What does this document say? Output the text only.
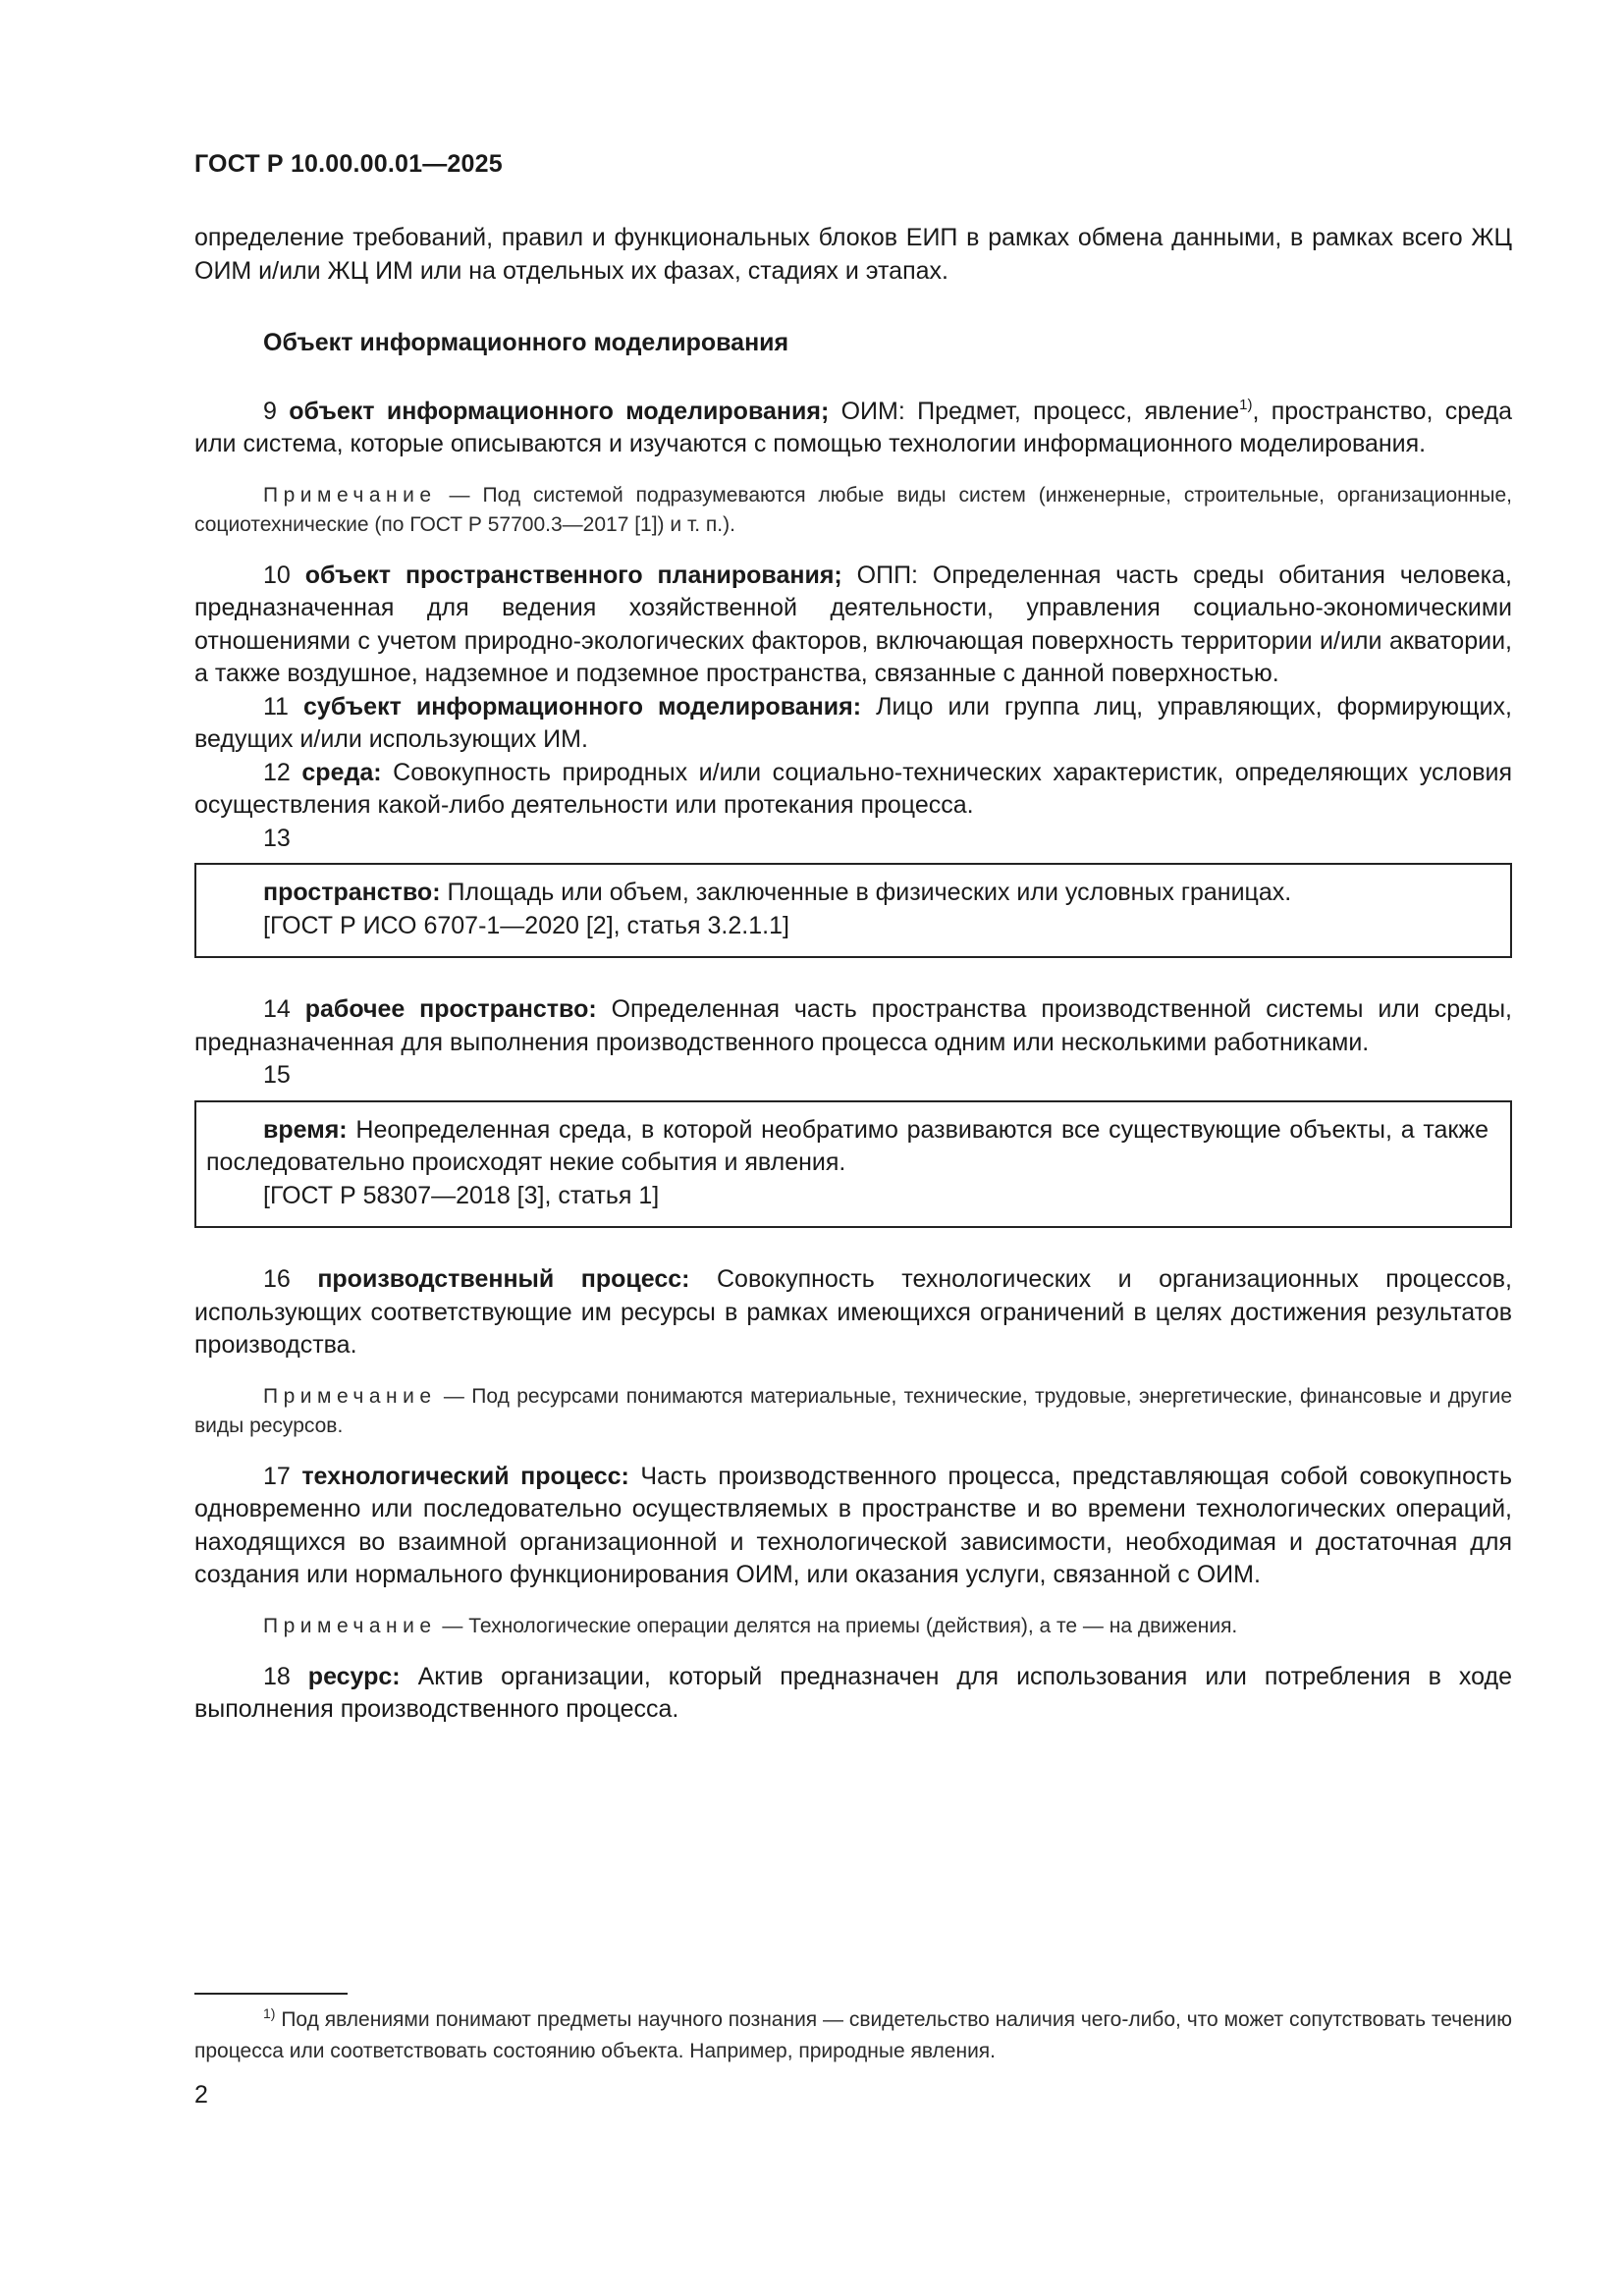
ГОСТ Р 10.00.00.01—2025

определение требований, правил и функциональных блоков ЕИП в рамках обмена данными, в рамках всего ЖЦ ОИМ и/или ЖЦ ИМ или на отдельных их фазах, стадиях и этапах.

Объект информационного моделирования

9 объект информационного моделирования; ОИМ: Предмет, процесс, явление$^{1)}$, пространство, среда или система, которые описываются и изучаются с помощью технологии информационного моделирования.

Примечание — Под системой подразумеваются любые виды систем (инженерные, строительные, организационные, социотехнические (по ГОСТ Р 57700.3—2017 [1]) и т. п.).

10 объект пространственного планирования; ОПП: Определенная часть среды обитания человека, предназначенная для ведения хозяйственной деятельности, управления социально-экономическими отношениями с учетом природно-экологических факторов, включающая поверхность территории и/или акватории, а также воздушное, надземное и подземное пространства, связанные с данной поверхностью.

11 субъект информационного моделирования: Лицо или группа лиц, управляющих, формирующих, ведущих и/или использующих ИМ.

12 среда: Совокупность природных и/или социально-технических характеристик, определяющих условия осуществления какой-либо деятельности или протекания процесса.

13

пространство: Площадь или объем, заключенные в физических или условных границах.
[ГОСТ Р ИСО 6707-1—2020 [2], статья 3.2.1.1]

14 рабочее пространство: Определенная часть пространства производственной системы или среды, предназначенная для выполнения производственного процесса одним или несколькими работниками.

15

время: Неопределенная среда, в которой необратимо развиваются все существующие объекты, а также последовательно происходят некие события и явления.
[ГОСТ Р 58307—2018 [3], статья 1]

16 производственный процесс: Совокупность технологических и организационных процессов, использующих соответствующие им ресурсы в рамках имеющихся ограничений в целях достижения результатов производства.

Примечание — Под ресурсами понимаются материальные, технические, трудовые, энергетические, финансовые и другие виды ресурсов.

17 технологический процесс: Часть производственного процесса, представляющая собой совокупность одновременно или последовательно осуществляемых в пространстве и во времени технологических операций, находящихся во взаимной организационной и технологической зависимости, необходимая и достаточная для создания или нормального функционирования ОИМ, или оказания услуги, связанной с ОИМ.

Примечание — Технологические операции делятся на приемы (действия), а те — на движения.

18 ресурс: Актив организации, который предназначен для использования или потребления в ходе выполнения производственного процесса.

$^{1)}$ Под явлениями понимают предметы научного познания — свидетельство наличия чего-либо, что может сопутствовать течению процесса или соответствовать состоянию объекта. Например, природные явления.

2
